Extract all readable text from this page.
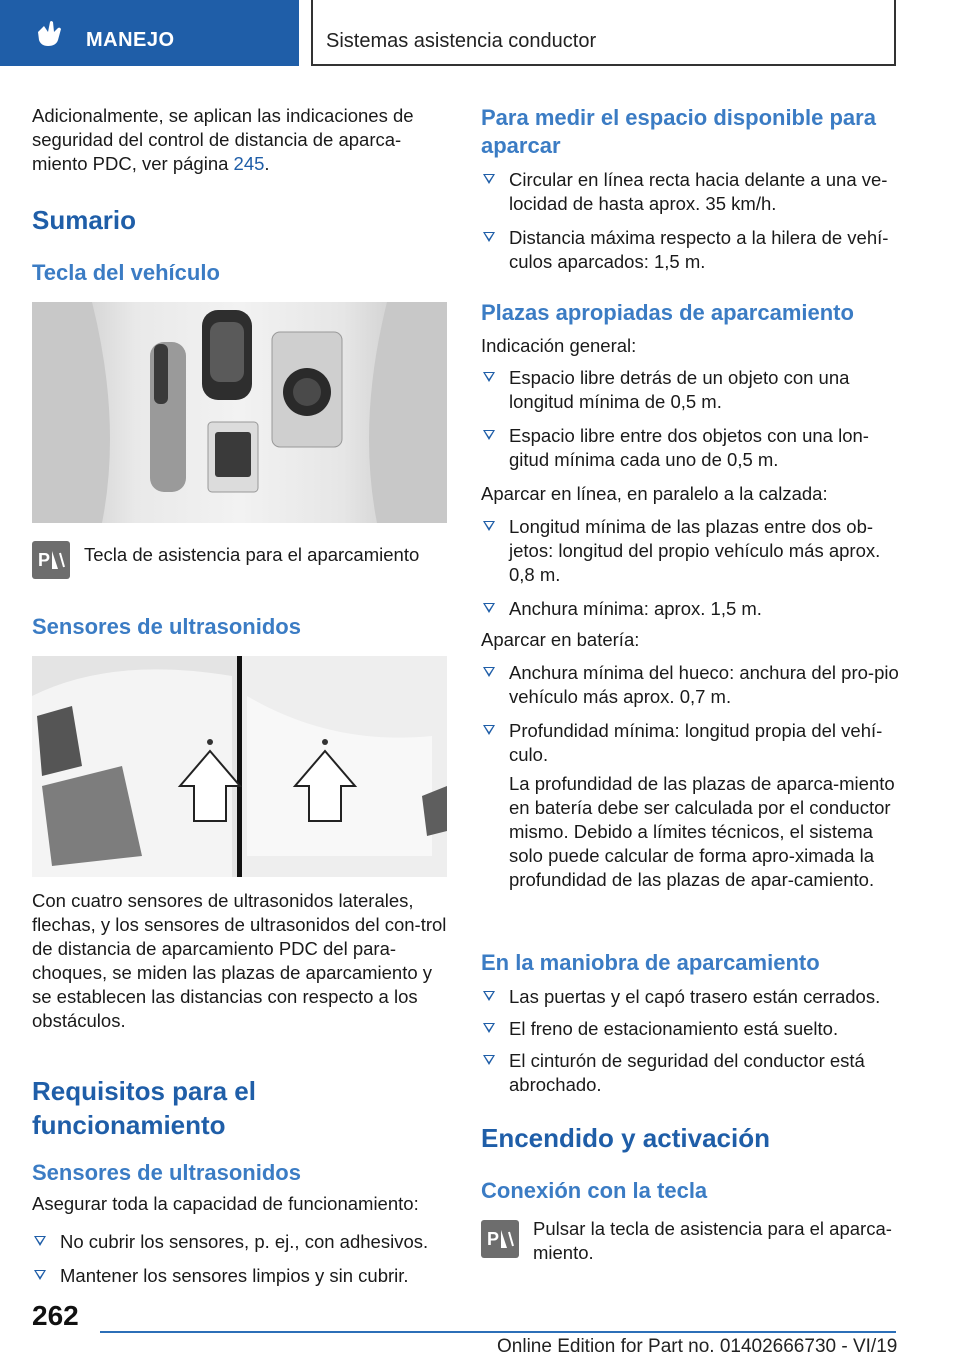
MANEJO	Sistemas asistencia conductor

Adicionalmente, se aplican las indicaciones de seguridad del control de distancia de aparca-miento PDC, ver página 245.

Sumario
Tecla del vehículo
P Tecla de asistencia para el aparcamiento

Sensores de ultrasonidos

Con cuatro sensores de ultrasonidos laterales, flechas, y los sensores de ultrasonidos del con-trol de distancia de aparcamiento PDC del para-choques, se miden las plazas de aparcamiento y se establecen las distancias con respecto a los obstáculos.

Requisitos para el funcionamiento
Sensores de ultrasonidos

Asegurar toda la capacidad de funcionamiento:

No cubrir los sensores, p. ej., con adhesivos.
Mantener los sensores limpios y sin cubrir.
Para medir el espacio disponible para aparcar
Circular en línea recta hacia delante a una ve-locidad de hasta aprox. 35 km/h.
Distancia máxima respecto a la hilera de vehí-culos aparcados: 1,5 m.
Plazas apropiadas de aparcamiento

Indicación general:

Espacio libre detrás de un objeto con una longitud mínima de 0,5 m.
Espacio libre entre dos objetos con una lon-gitud mínima cada uno de 0,5 m.

Aparcar en línea, en paralelo a la calzada:

Longitud mínima de las plazas entre dos ob-jetos: longitud del propio vehículo más aprox. 0,8 m.
Anchura mínima: aprox. 1,5 m.

Aparcar en batería:

Anchura mínima del hueco: anchura del pro-pio vehículo más aprox. 0,7 m.
Profundidad mínima: longitud propia del vehí-culo.

La profundidad de las plazas de aparca-miento en batería debe ser calculada por el conductor mismo. Debido a límites técnicos, el sistema solo puede calcular de forma apro-ximada la profundidad de las plazas de apar-camiento.

En la maniobra de aparcamiento
Las puertas y el capó trasero están cerrados.
El freno de estacionamiento está suelto.
El cinturón de seguridad del conductor está abrochado.
Encendido y activación
Conexión con la tecla
P Pulsar la tecla de asistencia para el aparca-miento.

262
Online Edition for Part no. 01402666730 - VI/19
